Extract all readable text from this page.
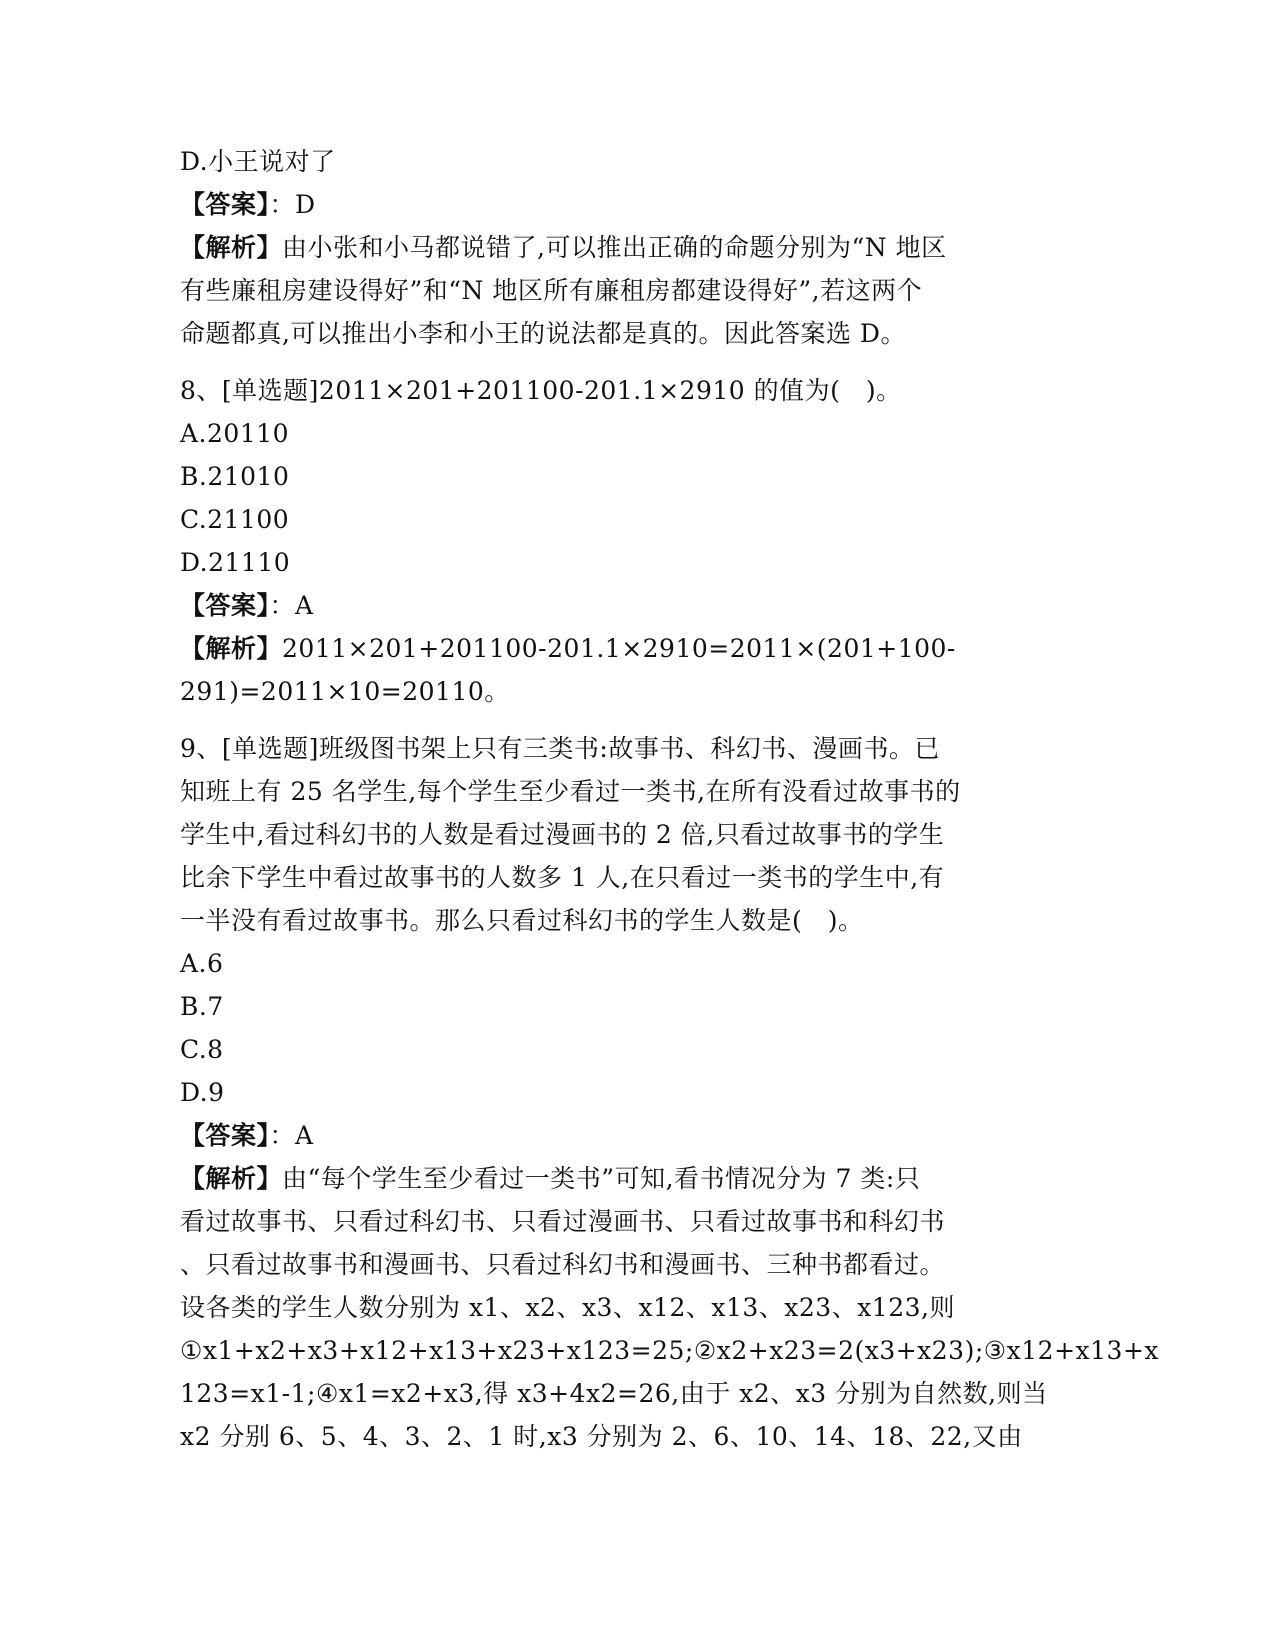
D.小王说对了
【答案】：D
【解析】由小张和小马都说错了,可以推出正确的命题分别为“N 地区
有些廉租房建设得好”和“N 地区所有廉租房都建设得好”,若这两个
命题都真,可以推出小李和小王的说法都是真的。因此答案选 D。
8、[单选题]2011×201+201100-201.1×2910 的值为(　)。
A.20110
B.21010
C.21100
D.21110
【答案】：A
【解析】2011×201+201100-201.1×2910=2011×(201+100-
291)=2011×10=20110。
9、[单选题]班级图书架上只有三类书:故事书、科幻书、漫画书。已
知班上有 25 名学生,每个学生至少看过一类书,在所有没看过故事书的
学生中,看过科幻书的人数是看过漫画书的 2 倍,只看过故事书的学生
比余下学生中看过故事书的人数多 1 人,在只看过一类书的学生中,有
一半没有看过故事书。那么只看过科幻书的学生人数是(　)。
A.6
B.7
C.8
D.9
【答案】：A
【解析】由“每个学生至少看过一类书”可知,看书情况分为 7 类:只
看过故事书、只看过科幻书、只看过漫画书、只看过故事书和科幻书
、只看过故事书和漫画书、只看过科幻书和漫画书、三种书都看过。
设各类的学生人数分别为 x1、x2、x3、x12、x13、x23、x123,则
①x1+x2+x3+x12+x13+x23+x123=25;②x2+x23=2(x3+x23);③x12+x13+x
123=x1-1;④x1=x2+x3,得 x3+4x2=26,由于 x2、x3 分别为自然数,则当
x2 分别 6、5、4、3、2、1 时,x3 分别为 2、6、10、14、18、22,又由
